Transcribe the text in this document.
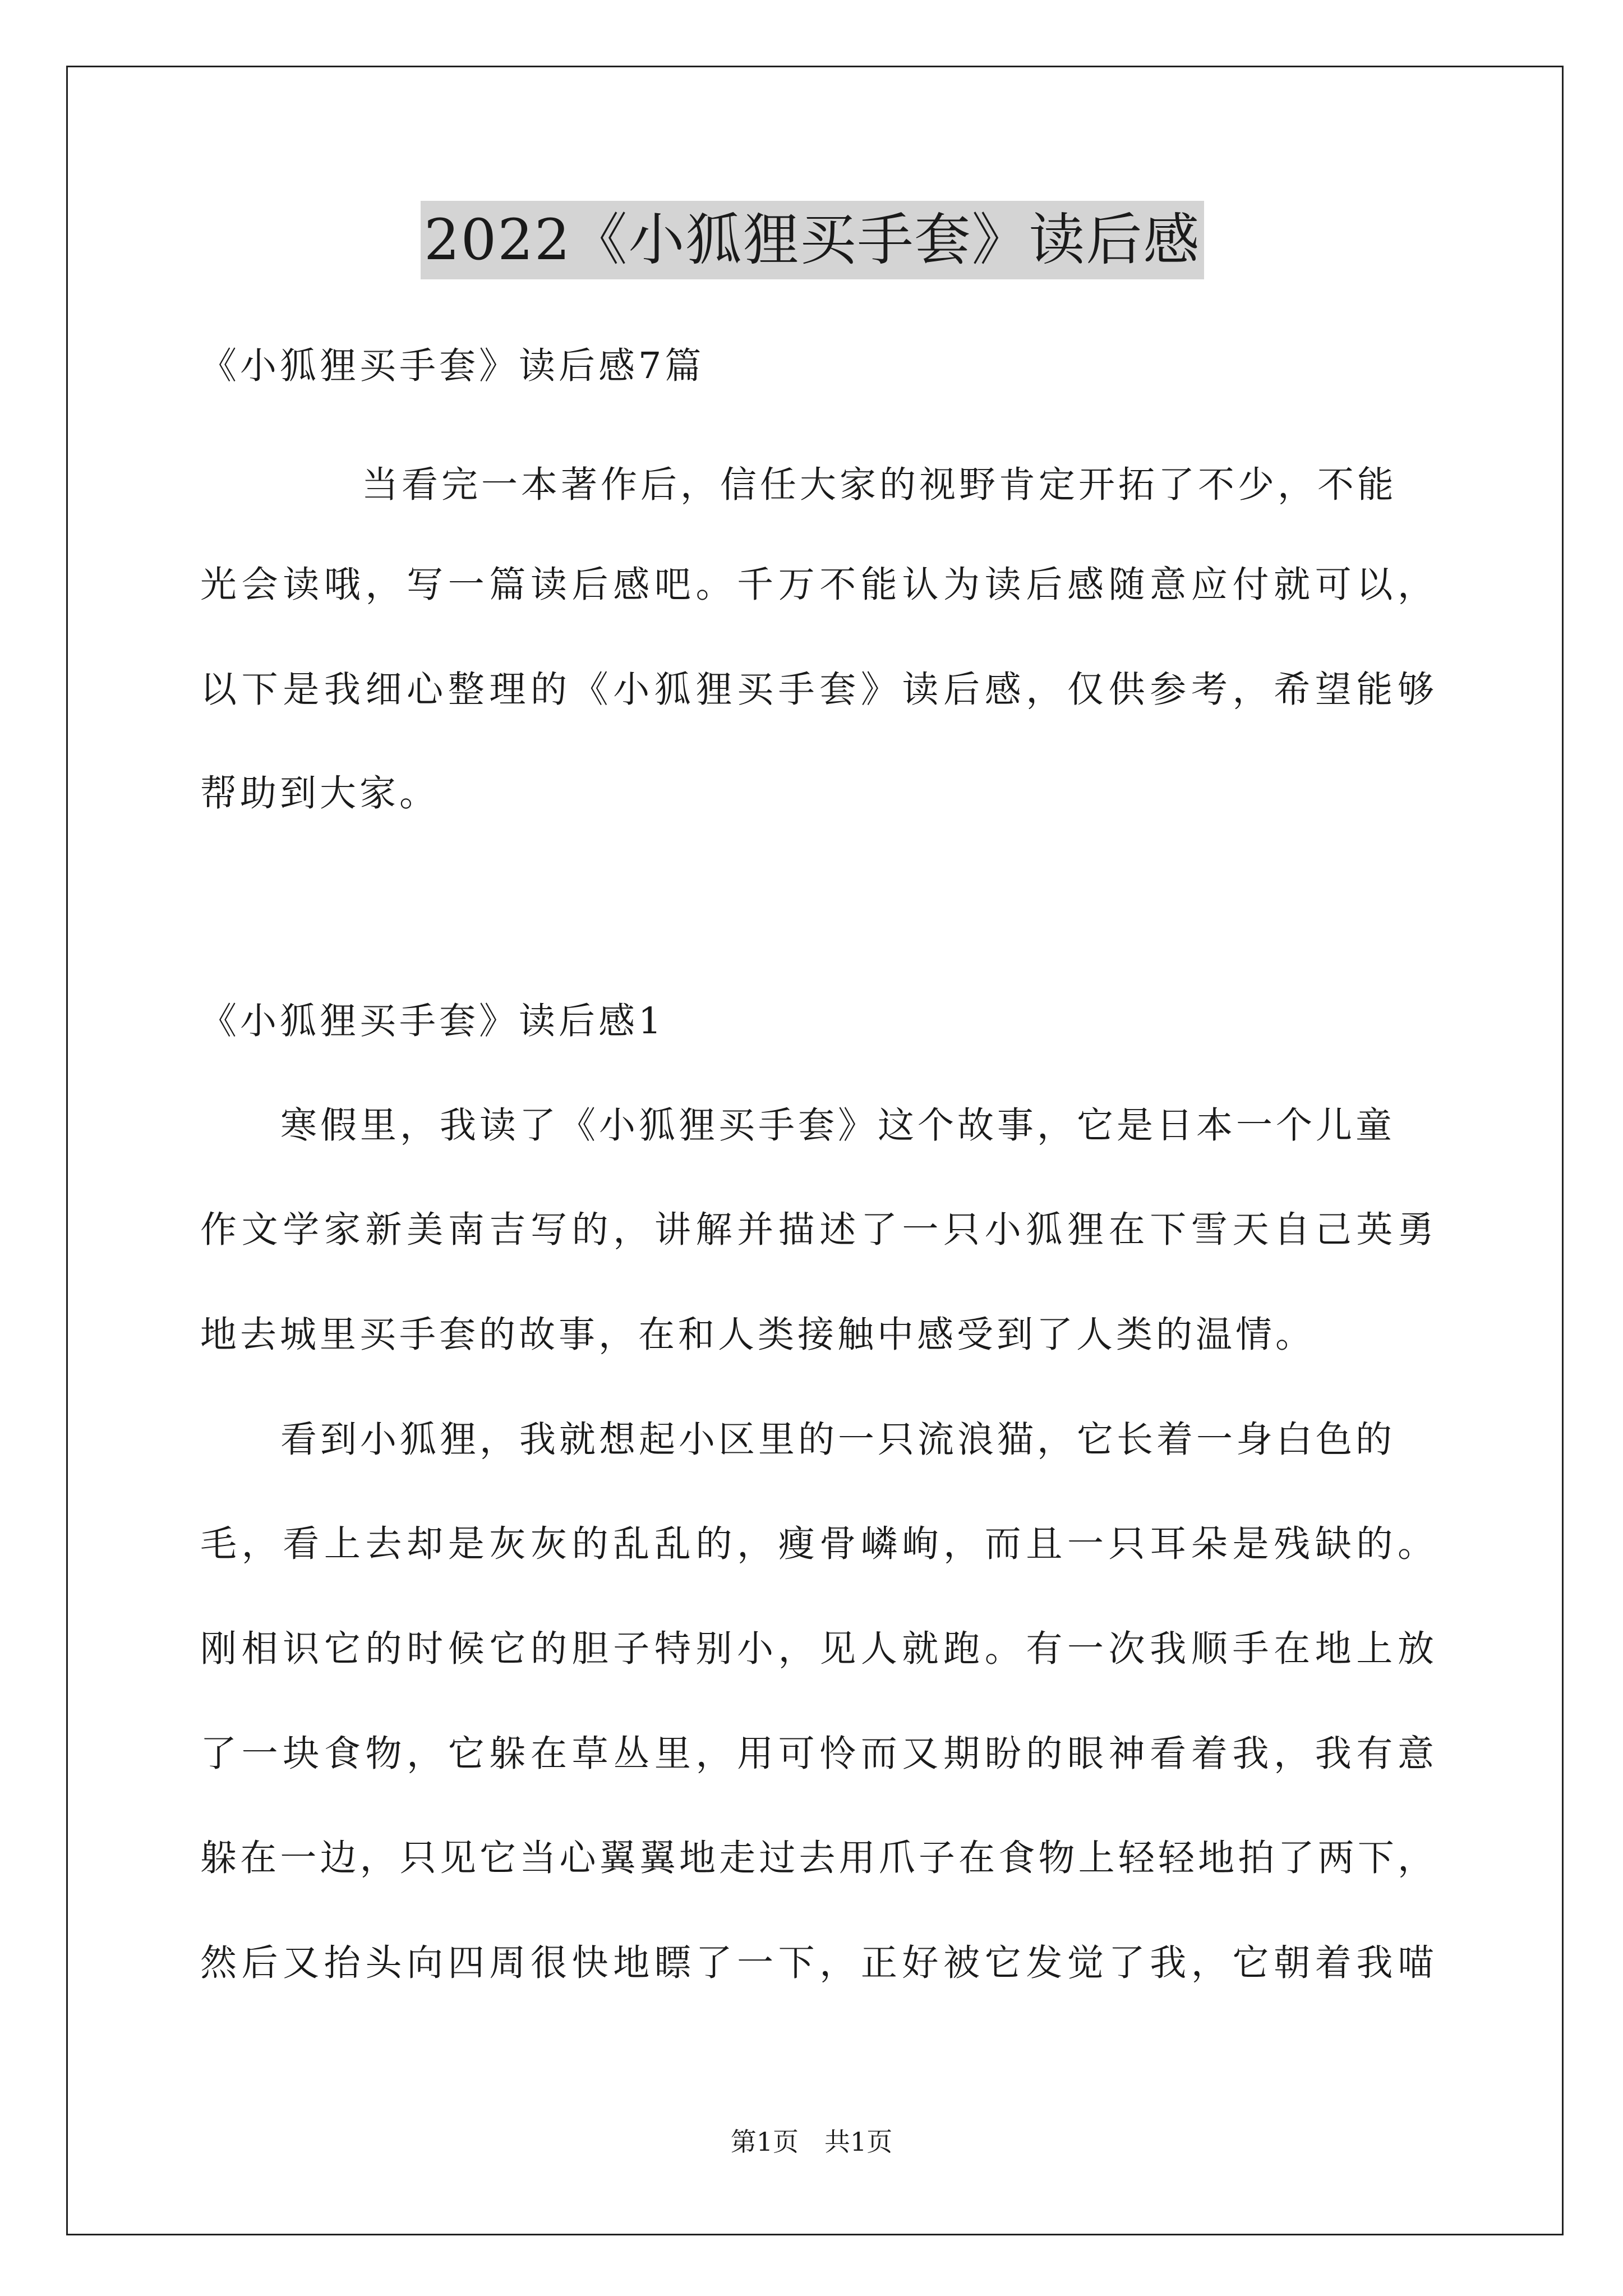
2022《小狐狸买手套》读后感
《小狐狸买手套》读后感7篇
当看完一本著作后，信任大家的视野肯定开拓了不少，不能
光会读哦，写一篇读后感吧。千万不能认为读后感随意应付就可以，
以下是我细心整理的《小狐狸买手套》读后感，仅供参考，希望能够
帮助到大家。
《小狐狸买手套》读后感1
寒假里，我读了《小狐狸买手套》这个故事，它是日本一个儿童
作文学家新美南吉写的，讲解并描述了一只小狐狸在下雪天自己英勇
地去城里买手套的故事，在和人类接触中感受到了人类的温情。
看到小狐狸，我就想起小区里的一只流浪猫，它长着一身白色的
毛，看上去却是灰灰的乱乱的，瘦骨嶙峋，而且一只耳朵是残缺的。
刚相识它的时候它的胆子特别小，见人就跑。有一次我顺手在地上放
了一块食物，它躲在草丛里，用可怜而又期盼的眼神看着我，我有意
躲在一边，只见它当心翼翼地走过去用爪子在食物上轻轻地拍了两下，
然后又抬头向四周很快地瞟了一下，正好被它发觉了我，它朝着我喵
第1页　共1页
